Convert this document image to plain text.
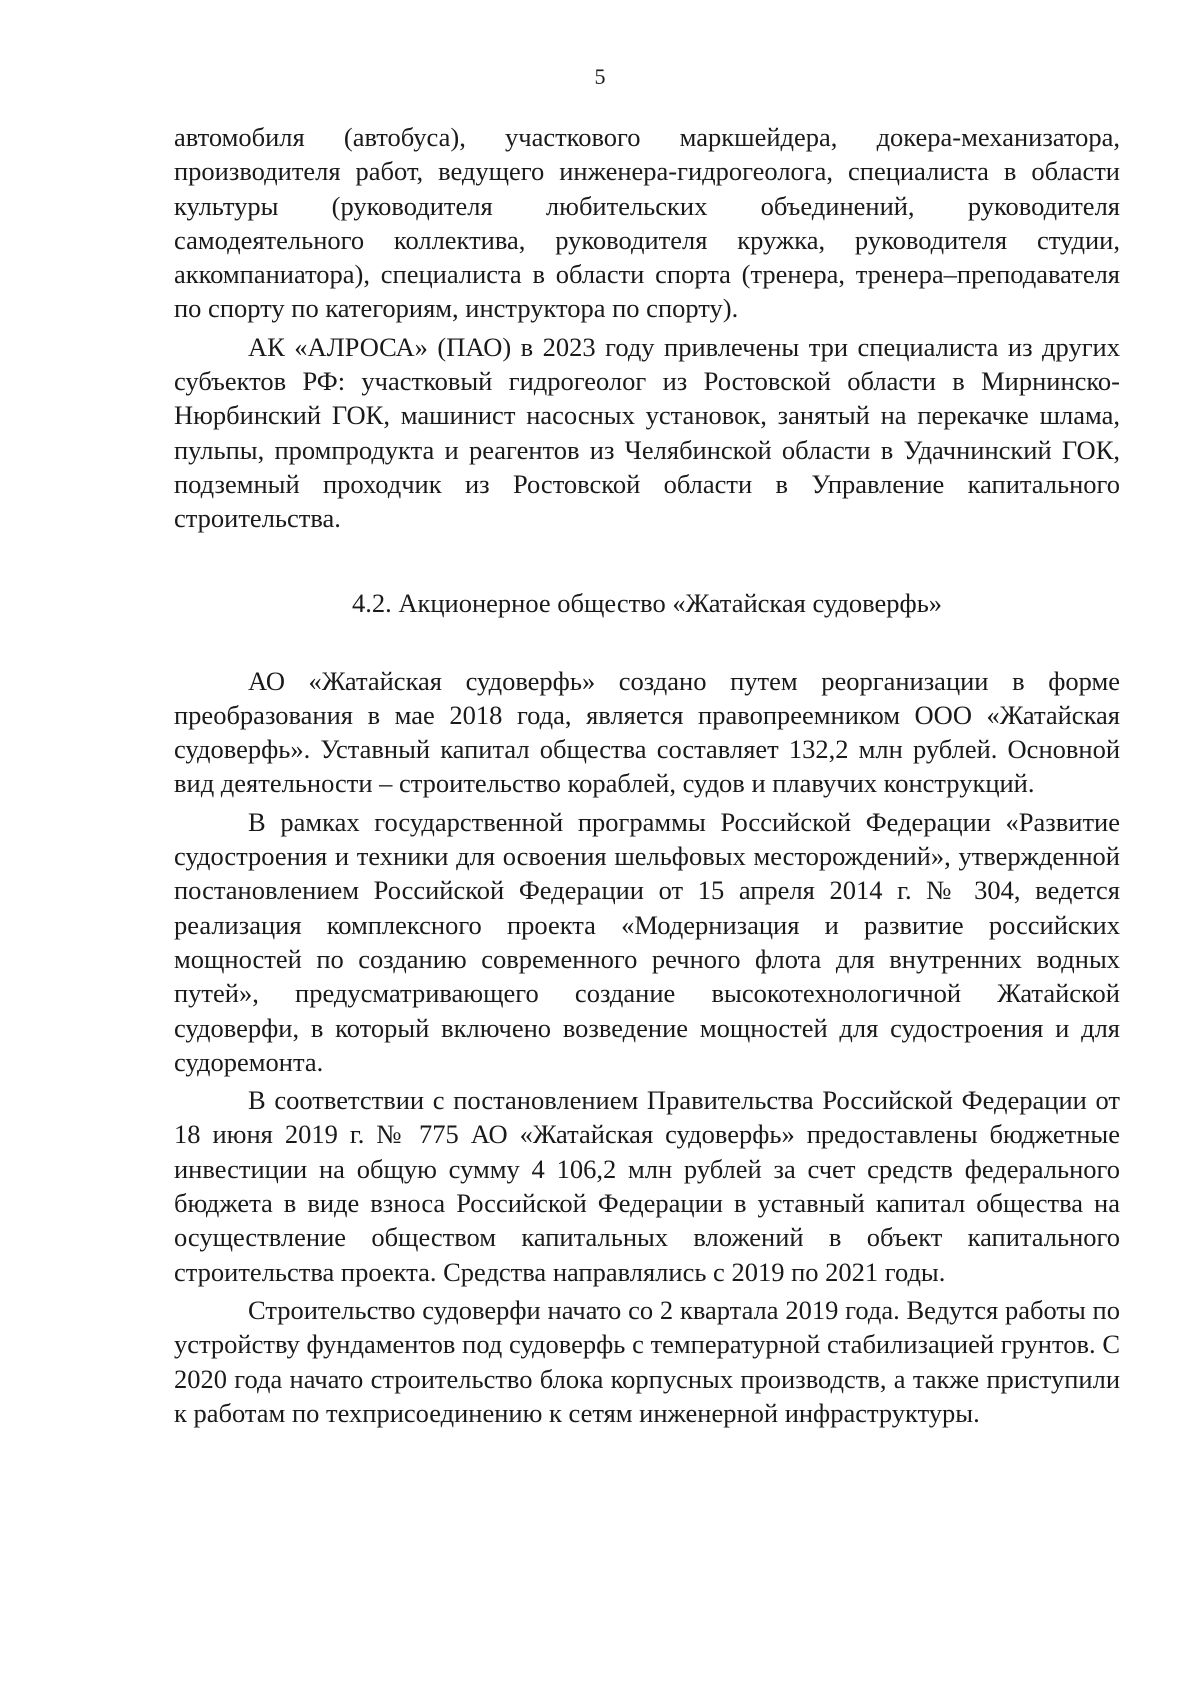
5

автомобиля (автобуса), участкового маркшейдера, докера-механизатора, производителя работ, ведущего инженера-гидрогеолога, специалиста в области культуры (руководителя любительских объединений, руководителя самодеятельного коллектива, руководителя кружка, руководителя студии, аккомпаниатора), специалиста в области спорта (тренера, тренера–преподавателя по спорту по категориям, инструктора по спорту).

АК «АЛРОСА» (ПАО) в 2023 году привлечены три специалиста из других субъектов РФ: участковый гидрогеолог из Ростовской области в Мирнинско-Нюрбинский ГОК, машинист насосных установок, занятый на перекачке шлама, пульпы, промпродукта и реагентов из Челябинской области в Удачнинский ГОК, подземный проходчик из Ростовской области в Управление капитального строительства.

4.2. Акционерное общество «Жатайская судоверфь»

АО «Жатайская судоверфь» создано путем реорганизации в форме преобразования в мае 2018 года, является правопреемником ООО «Жатайская судоверфь». Уставный капитал общества составляет 132,2 млн рублей. Основной вид деятельности – строительство кораблей, судов и плавучих конструкций.

В рамках государственной программы Российской Федерации «Развитие судостроения и техники для освоения шельфовых месторождений», утвержденной постановлением Российской Федерации от 15 апреля 2014 г. № 304, ведется реализация комплексного проекта «Модернизация и развитие российских мощностей по созданию современного речного флота для внутренних водных путей», предусматривающего создание высокотехнологичной Жатайской судоверфи, в который включено возведение мощностей для судостроения и для судоремонта.

В соответствии с постановлением Правительства Российской Федерации от 18 июня 2019 г. № 775 АО «Жатайская судоверфь» предоставлены бюджетные инвестиции на общую сумму 4 106,2 млн рублей за счет средств федерального бюджета в виде взноса Российской Федерации в уставный капитал общества на осуществление обществом капитальных вложений в объект капитального строительства проекта. Средства направлялись с 2019 по 2021 годы.

Строительство судоверфи начато со 2 квартала 2019 года. Ведутся работы по устройству фундаментов под судоверфь с температурной стабилизацией грунтов. С 2020 года начато строительство блока корпусных производств, а также приступили к работам по техприсоединению к сетям инженерной инфраструктуры.
